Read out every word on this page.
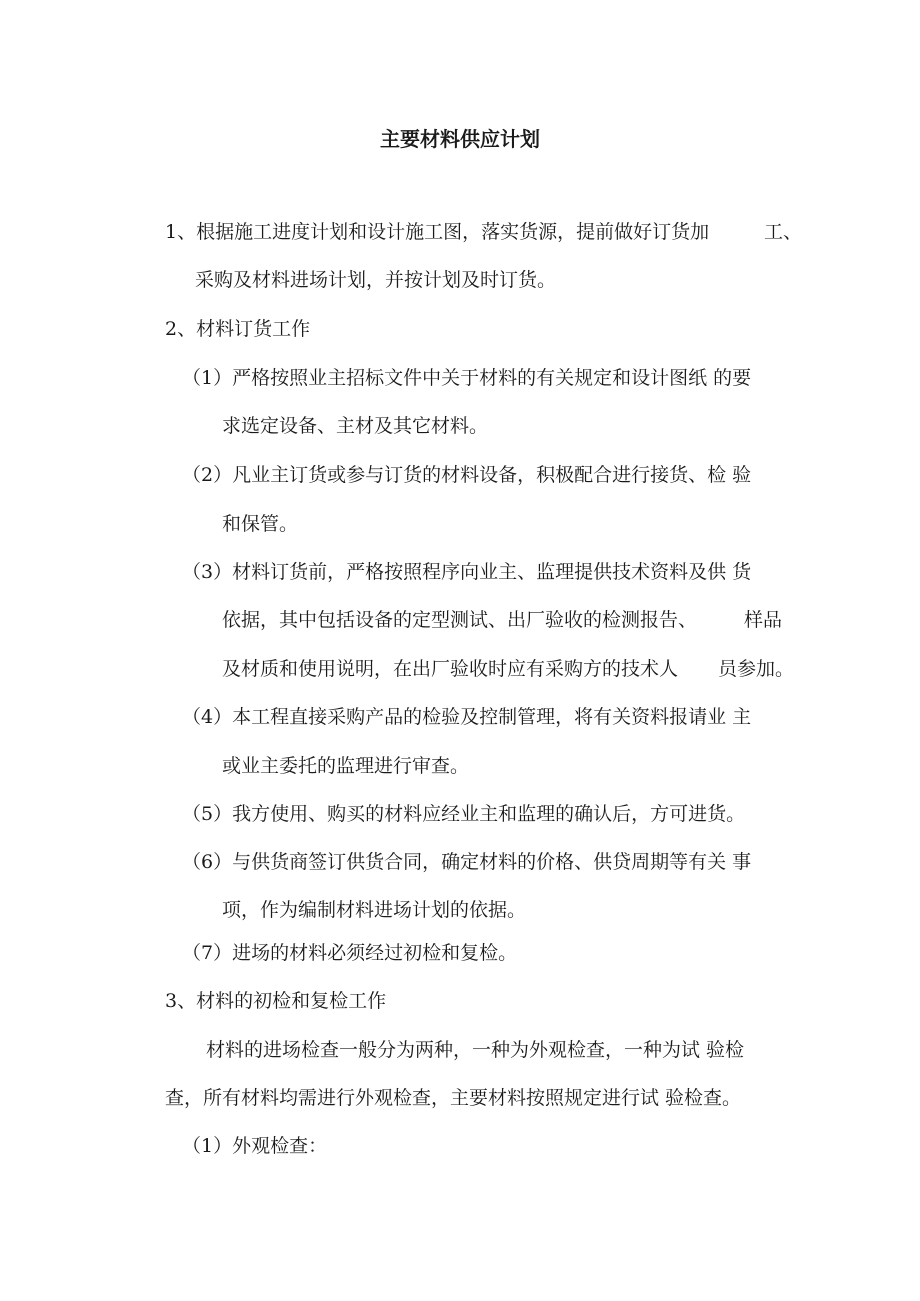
主要材料供应计划

1、根据施工进度计划和设计施工图，落实货源，提前做好订货加	工、

采购及材料进场计划，并按计划及时订货。

2、材料订货工作

（1）严格按照业主招标文件中关于材料的有关规定和设计图纸 的要

求选定设备、主材及其它材料。

（2）凡业主订货或参与订货的材料设备，积极配合进行接货、检 验

和保管。

（3）材料订货前，严格按照程序向业主、监理提供技术资料及供 货

依据，其中包括设备的定型测试、出厂验收的检测报告、 样品

及材质和使用说明，在出厂验收时应有采购方的技术人 员参加。

（4）本工程直接采购产品的检验及控制管理，将有关资料报请业 主

或业主委托的监理进行审查。

（5）我方使用、购买的材料应经业主和监理的确认后，方可进货。

（6）与供货商签订供货合同，确定材料的价格、供贷周期等有关 事

项，作为编制材料进场计划的依据。

（7）进场的材料必须经过初检和复检。

3、材料的初检和复检工作

材料的进场检查一般分为两种，一种为外观检查，一种为试 验检

查，所有材料均需进行外观检查，主要材料按照规定进行试 验检查。

（1）外观检查：
